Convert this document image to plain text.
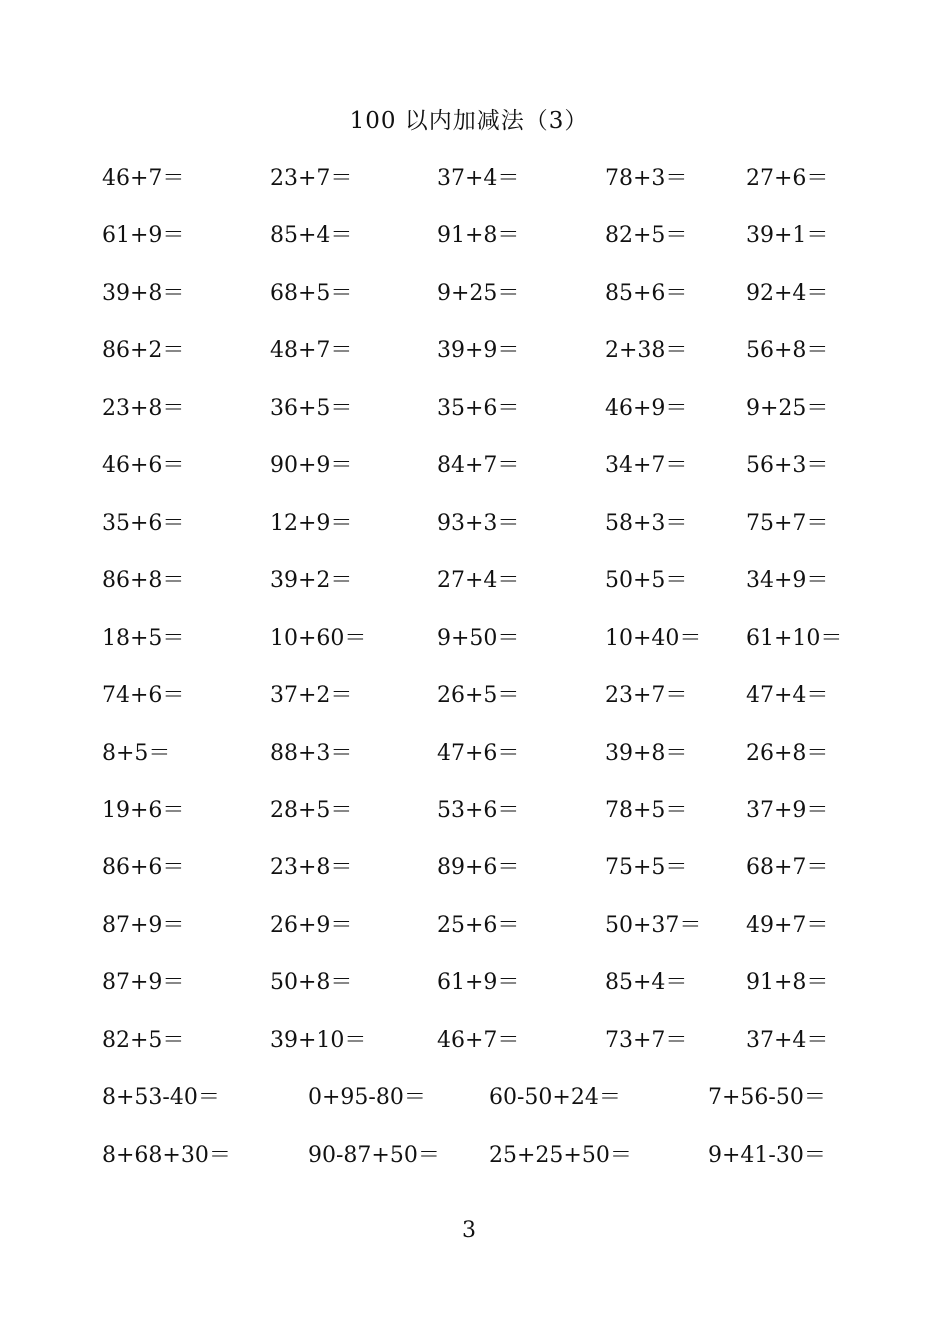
100 以内加减法（3）
46+7＝	23+7＝	37+4＝	78+3＝	27+6＝
61+9＝	85+4＝	91+8＝	82+5＝	39+1＝
39+8＝	68+5＝	9+25＝	85+6＝	92+4＝
86+2＝	48+7＝	39+9＝	2+38＝	56+8＝
23+8＝	36+5＝	35+6＝	46+9＝	9+25＝
46+6＝	90+9＝	84+7＝	34+7＝	56+3＝
35+6＝	12+9＝	93+3＝	58+3＝	75+7＝
86+8＝	39+2＝	27+4＝	50+5＝	34+9＝
18+5＝	10+60＝	9+50＝	10+40＝ 61+10＝
74+6＝	37+2＝	26+5＝	23+7＝	47+4＝
8+5＝	88+3＝	47+6＝	39+8＝	26+8＝
19+6＝	28+5＝	53+6＝	78+5＝	37+9＝
86+6＝	23+8＝	89+6＝	75+5＝	68+7＝
87+9＝	26+9＝	25+6＝	50+37＝ 49+7＝
87+9＝	50+8＝	61+9＝	85+4＝	91+8＝
82+5＝	39+10＝	46+7＝	73+7＝	37+4＝
8+53-40＝	0+95-80＝	60-50+24＝	7+56-50＝
8+68+30＝	90-87+50＝ 25+25+50＝	9+41-30＝
3
